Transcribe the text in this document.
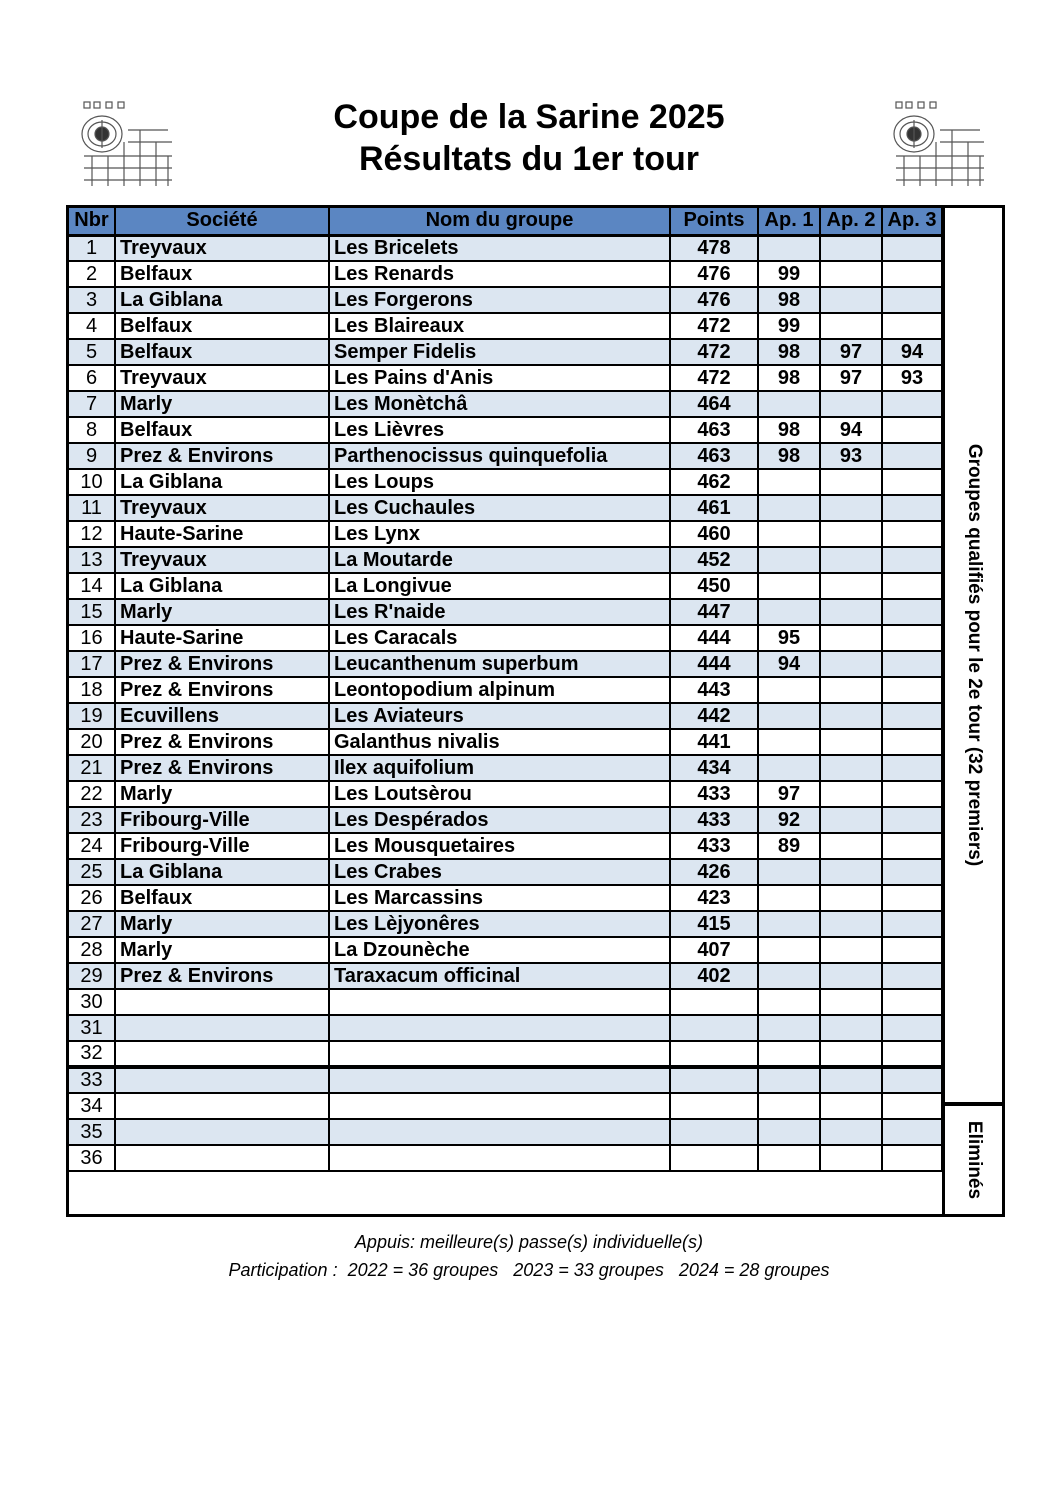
Coupe de la Sarine 2025
Résultats du 1er tour
Nbr	Société	Nom du groupe	Points	Ap. 1	Ap. 2	Ap. 3
1	Treyvaux	Les Bricelets	478			
2	Belfaux	Les Renards	476	99		
3	La Giblana	Les Forgerons	476	98		
4	Belfaux	Les Blaireaux	472	99		
5	Belfaux	Semper Fidelis	472	98	97	94
6	Treyvaux	Les Pains d'Anis	472	98	97	93
7	Marly	Les Monètchâ	464			
8	Belfaux	Les Lièvres	463	98	94	
9	Prez & Environs	Parthenocissus quinquefolia	463	98	93	
10	La Giblana	Les Loups	462			
11	Treyvaux	Les Cuchaules	461			
12	Haute-Sarine	Les Lynx	460			
13	Treyvaux	La Moutarde	452			
14	La Giblana	La Longivue	450			
15	Marly	Les R'naide	447			
16	Haute-Sarine	Les Caracals	444	95		
17	Prez & Environs	Leucanthenum superbum	444	94		
18	Prez & Environs	Leontopodium alpinum	443			
19	Ecuvillens	Les Aviateurs	442			
20	Prez & Environs	Galanthus nivalis	441			
21	Prez & Environs	Ilex aquifolium	434			
22	Marly	Les Loutsèrou	433	97		
23	Fribourg-Ville	Les Despérados	433	92		
24	Fribourg-Ville	Les Mousquetaires	433	89		
25	La Giblana	Les Crabes	426			
26	Belfaux	Les Marcassins	423			
27	Marly	Les Lèjyonêres	415			
28	Marly	La Dzounèche	407			
29	Prez & Environs	Taraxacum officinal	402			
30						
31						
32						
33						
34						
35						
36						
Groupes qualifiés pour le 2e tour (32 premiers)
Eliminés
Appuis: meilleure(s) passe(s) individuelle(s)
Participation :  2022 = 36 groupes   2023 = 33 groupes   2024 = 28 groupes
